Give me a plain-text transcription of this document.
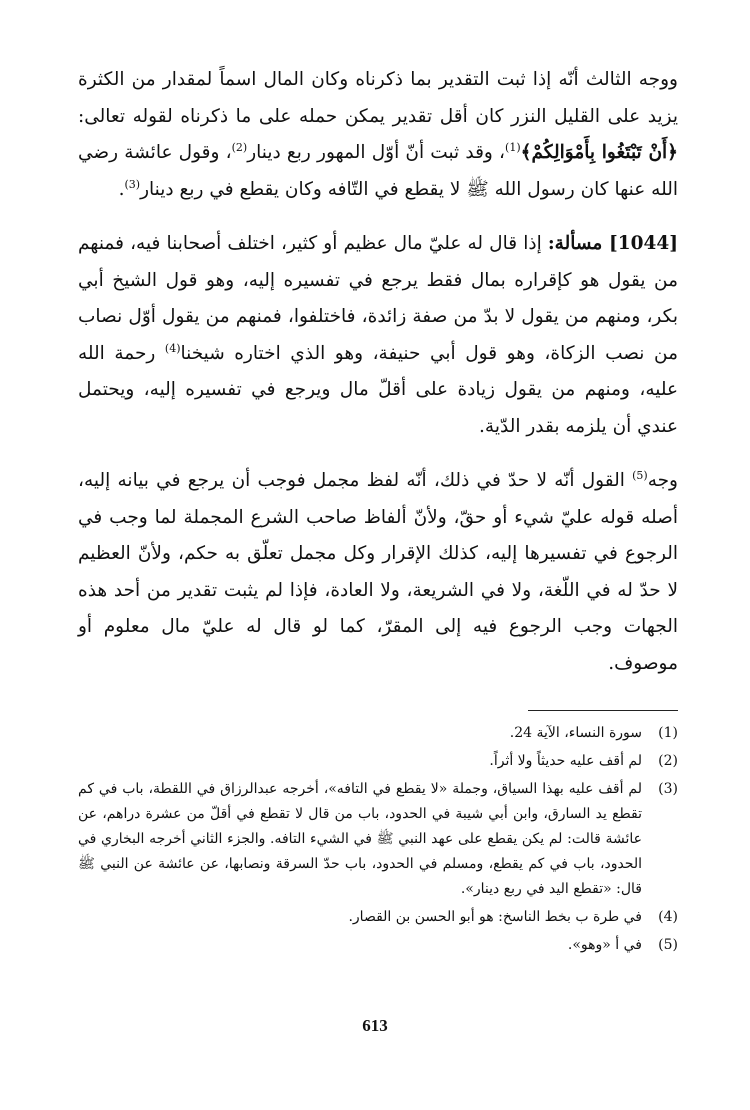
ووجه الثالث أنّه إذا ثبت التقدير بما ذكرناه وكان المال اسماً لمقدار من الكثرة يزيد على القليل النزر كان أقل تقدير يمكن حمله على ما ذكرناه لقوله تعالى: ﴿أَنْ تَبْتَغُوا بِأَمْوَالِكُمْ﴾$^{(1)}$، وقد ثبت أنّ أوّل المهور ربع دينار$^{(2)}$، وقول عائشة رضي الله عنها كان رسول الله ﷺ لا يقطع في التّافه وكان يقطع في ربع دينار$^{(3)}$.

[1044] مسألة: إذا قال له عليّ مال عظيم أو كثير، اختلف أصحابنا فيه، فمنهم من يقول هو كإقراره بمال فقط يرجع في تفسيره إليه، وهو قول الشيخ أبي بكر، ومنهم من يقول لا بدّ من صفة زائدة، فاختلفوا، فمنهم من يقول أوّل نصاب من نصب الزكاة، وهو قول أبي حنيفة، وهو الذي اختاره شيخنا$^{(4)}$ رحمة الله عليه، ومنهم من يقول زيادة على أقلّ مال ويرجع في تفسيره إليه، ويحتمل عندي أن يلزمه بقدر الدّية.

وجه$^{(5)}$ القول أنّه لا حدّ في ذلك، أنّه لفظ مجمل فوجب أن يرجع في بيانه إليه، أصله قوله عليّ شيء أو حقّ، ولأنّ ألفاظ صاحب الشرع المجملة لما وجب في الرجوع في تفسيرها إليه، كذلك الإقرار وكل مجمل تعلّق به حكم، ولأنّ العظيم لا حدّ له في اللّغة، ولا في الشريعة، ولا العادة، فإذا لم يثبت تقدير من أحد هذه الجهات وجب الرجوع فيه إلى المقرّ، كما لو قال له عليّ مال معلوم أو موصوف.

(1)
سورة النساء، الآية 24.
(2)
لم أقف عليه حديثاً ولا أثراً.
(3)
لم أقف عليه بهذا السياق، وجملة «لا يقطع في التافه»، أخرجه عبدالرزاق في اللقطة، باب في كم تقطع يد السارق، وابن أبي شيبة في الحدود، باب من قال لا تقطع في أقلّ من عشرة دراهم، عن عائشة قالت: لم يكن يقطع على عهد النبي ﷺ في الشيء التافه. والجزء الثاني أخرجه البخاري في الحدود، باب في كم يقطع، ومسلم في الحدود، باب حدّ السرقة ونصابها، عن عائشة عن النبي ﷺ قال: «تقطع اليد في ربع دينار».
(4)
في طرة ب بخط الناسخ: هو أبو الحسن بن القصار.
(5)
في أ «وهو».
613
